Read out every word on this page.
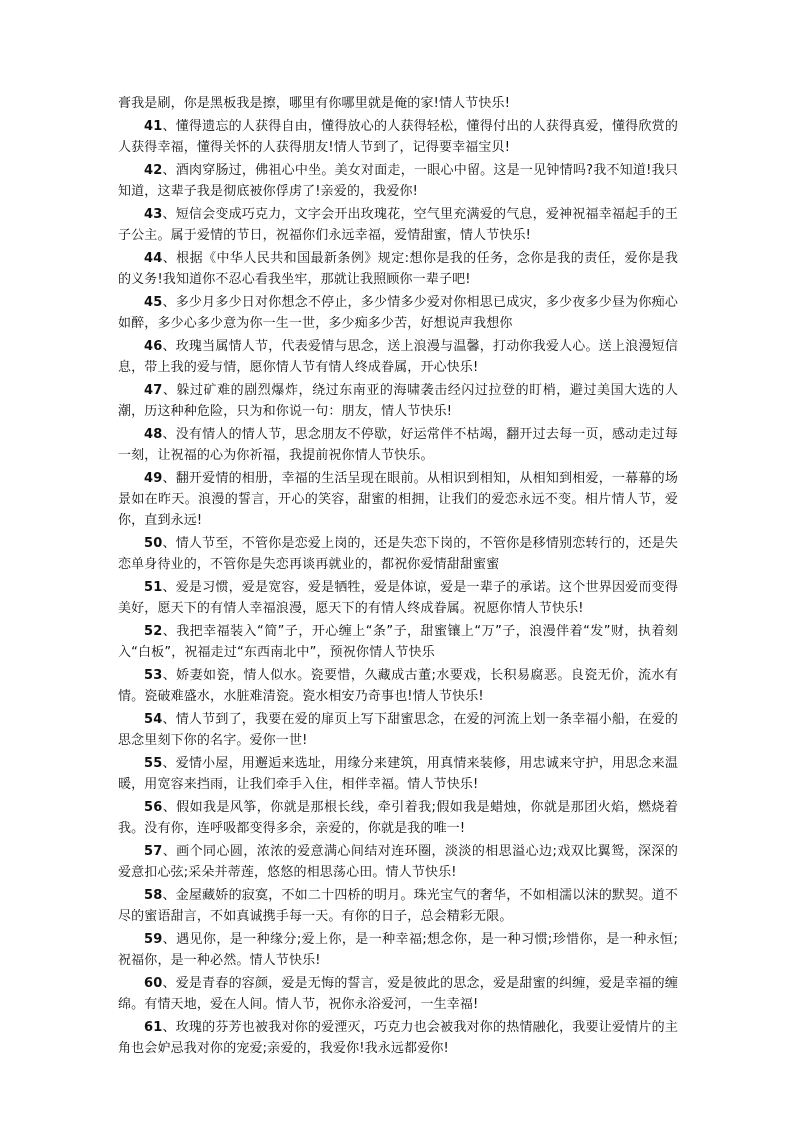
膏我是刷，你是黑板我是擦，哪里有你哪里就是俺的家!情人节快乐!

41、懂得遗忘的人获得自由，懂得放心的人获得轻松，懂得付出的人获得真爱，懂得欣赏的人获得幸福，懂得关怀的人获得朋友!情人节到了，记得要幸福宝贝!

42、酒肉穿肠过，佛祖心中坐。美女对面走，一眼心中留。这是一见钟情吗?我不知道!我只知道，这辈子我是彻底被你俘虏了!亲爱的，我爱你!

43、短信会变成巧克力，文字会开出玫瑰花，空气里充满爱的气息，爱神祝福幸福起手的王子公主。属于爱情的节日，祝福你们永远幸福，爱情甜蜜，情人节快乐!

44、根据《中华人民共和国最新条例》规定:想你是我的任务，念你是我的责任，爱你是我的义务!我知道你不忍心看我坐牢，那就让我照顾你一辈子吧!

45、多少月多少日对你想念不停止，多少情多少爱对你相思已成灾，多少夜多少昼为你痴心如醉，多少心多少意为你一生一世，多少痴多少苦，好想说声我想你

46、玫瑰当属情人节，代表爱情与思念，送上浪漫与温馨，打动你我爱人心。送上浪漫短信息，带上我的爱与情，愿你情人节有情人终成眷属，开心快乐!

47、躲过矿难的剧烈爆炸，绕过东南亚的海啸袭击经闪过拉登的盯梢，避过美国大选的人潮，历这种种危险，只为和你说一句：朋友，情人节快乐!

48、没有情人的情人节，思念朋友不停歇，好运常伴不枯竭，翻开过去每一页，感动走过每一刻，让祝福的心为你祈福，我提前祝你情人节快乐。

49、翻开爱情的相册，幸福的生活呈现在眼前。从相识到相知，从相知到相爱，一幕幕的场景如在昨天。浪漫的誓言，开心的笑容，甜蜜的相拥，让我们的爱恋永远不变。相片情人节，爱你，直到永远!

50、情人节至，不管你是恋爱上岗的，还是失恋下岗的，不管你是移情别恋转行的，还是失恋单身待业的，不管你是失恋再谈再就业的，都祝你爱情甜甜蜜蜜

51、爱是习惯，爱是宽容，爱是牺牲，爱是体谅，爱是一辈子的承诺。这个世界因爱而变得美好，愿天下的有情人幸福浪漫，愿天下的有情人终成眷属。祝愿你情人节快乐!

52、我把幸福装入“简”子，开心缠上“条”子，甜蜜镶上“万”子，浪漫伴着“发”财，执着刻入“白板”，祝福走过“东西南北中”，预祝你情人节快乐

53、娇妻如瓷，情人似水。瓷要惜，久藏成古董;水要戏，长积易腐恶。良瓷无价，流水有情。瓷破难盛水，水脏难清瓷。瓷水相安乃奇事也!情人节快乐!

54、情人节到了，我要在爱的扉页上写下甜蜜思念，在爱的河流上划一条幸福小船，在爱的思念里刻下你的名字。爱你一世!

55、爱情小屋，用邂逅来选址，用缘分来建筑，用真情来装修，用忠诚来守护，用思念来温暖，用宽容来挡雨，让我们牵手入住，相伴幸福。情人节快乐!

56、假如我是风筝，你就是那根长线，牵引着我;假如我是蜡烛，你就是那团火焰，燃烧着我。没有你，连呼吸都变得多余，亲爱的，你就是我的唯一!

57、画个同心圆，浓浓的爱意满心间结对连环圈，淡淡的相思溢心边;戏双比翼鸳，深深的爱意扣心弦;采朵并蒂莲，悠悠的相思荡心田。情人节快乐!

58、金屋藏娇的寂寞，不如二十四桥的明月。珠光宝气的奢华，不如相濡以沫的默契。道不尽的蜜语甜言，不如真诚携手每一天。有你的日子，总会精彩无限。

59、遇见你，是一种缘分;爱上你，是一种幸福;想念你，是一种习惯;珍惜你，是一种永恒;祝福你，是一种必然。情人节快乐!

60、爱是青春的容颜，爱是无悔的誓言，爱是彼此的思念，爱是甜蜜的纠缠，爱是幸福的缠绵。有情天地，爱在人间。情人节，祝你永浴爱河，一生幸福!

61、玫瑰的芬芳也被我对你的爱湮灭，巧克力也会被我对你的热情融化，我要让爱情片的主角也会妒忌我对你的宠爱;亲爱的，我爱你!我永远都爱你!
